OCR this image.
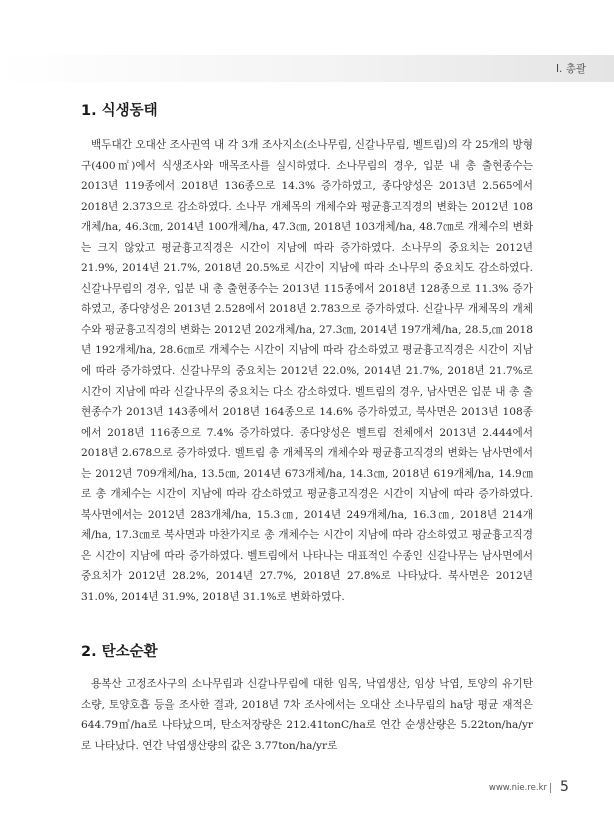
Ⅰ. 총괄
1. 식생동태

백두대간 오대산 조사권역 내 각 3개 조사지소(소나무림, 신갈나무림, 벨트림)의 각 25개의 방형구(400㎡)에서 식생조사와 매목조사를 실시하였다. 소나무림의 경우, 입분 내 총 출현종수는 2013년 119종에서 2018년 136종으로 14.3% 증가하였고, 종다양성은 2013년 2.565에서 2018년 2.373으로 감소하였다. 소나무 개체목의 개체수와 평균흉고직경의 변화는 2012년 108개체/ha, 46.3㎝, 2014년 100개체/ha, 47.3㎝, 2018년 103개체/ha, 48.7㎝로 개체수의 변화는 크지 않았고 평균흉고직경은 시간이 지남에 따라 증가하였다. 소나무의 중요치는 2012년 21.9%, 2014년 21.7%, 2018년 20.5%로 시간이 지남에 따라 소나무의 중요치도 감소하였다. 신갈나무림의 경우, 입분 내 총 출현종수는 2013년 115종에서 2018년 128종으로 11.3% 증가하였고, 종다양성은 2013년 2.528에서 2018년 2.783으로 증가하였다. 신갈나무 개체목의 개체수와 평균흉고직경의 변화는 2012년 202개체/ha, 27.3㎝, 2014년 197개체/ha, 28.5,㎝ 2018년 192개체/ha, 28.6㎝로 개체수는 시간이 지남에 따라 감소하였고 평균흉고직경은 시간이 지남에 따라 증가하였다. 신갈나무의 중요치는 2012년 22.0%, 2014년 21.7%, 2018년 21.7%로 시간이 지남에 따라 신갈나무의 중요치는 다소 감소하였다. 벨트림의 경우, 남사면은 입분 내 총 출현종수가 2013년 143종에서 2018년 164종으로 14.6% 증가하였고, 북사면은 2013년 108종에서 2018년 116종으로 7.4% 증가하였다. 종다양성은 벨트림 전체에서 2013년 2.444에서 2018년 2.678으로 증가하였다. 벨트림 총 개체목의 개체수와 평균흉고직경의 변화는 남사면에서는 2012년 709개체/ha, 13.5㎝, 2014년 673개체/ha, 14.3㎝, 2018년 619개체/ha, 14.9㎝로 총 개체수는 시간이 지남에 따라 감소하였고 평균흉고직경은 시간이 지남에 따라 증가하였다. 북사면에서는 2012년 283개체/ha, 15.3㎝, 2014년 249개체/ha, 16.3㎝, 2018년 214개체/ha, 17.3㎝로 북사면과 마찬가지로 총 개체수는 시간이 지남에 따라 감소하였고 평균흉고직경은 시간이 지남에 따라 증가하였다. 벨트림에서 나타나는 대표적인 수종인 신갈나무는 남사면에서 중요치가 2012년 28.2%, 2014년 27.7%, 2018년 27.8%로 나타났다. 북사면은 2012년 31.0%, 2014년 31.9%, 2018년 31.1%로 변화하였다.

2. 탄소순환

용복산 고정조사구의 소나무림과 신갈나무림에 대한 임목, 낙엽생산, 임상 낙엽, 토양의 유기탄소량, 토양호흡 등을 조사한 결과, 2018년 7차 조사에서는 오대산 소나무림의 ha당 평균 재적은 644.79㎥/ha로 나타났으며, 탄소저장량은 212.41tonC/ha로 연간 순생산량은 5.22ton/ha/yr로 나타났다. 연간 낙엽생산량의 값은 3.77ton/ha/yr로

www.nie.re.kr 5
